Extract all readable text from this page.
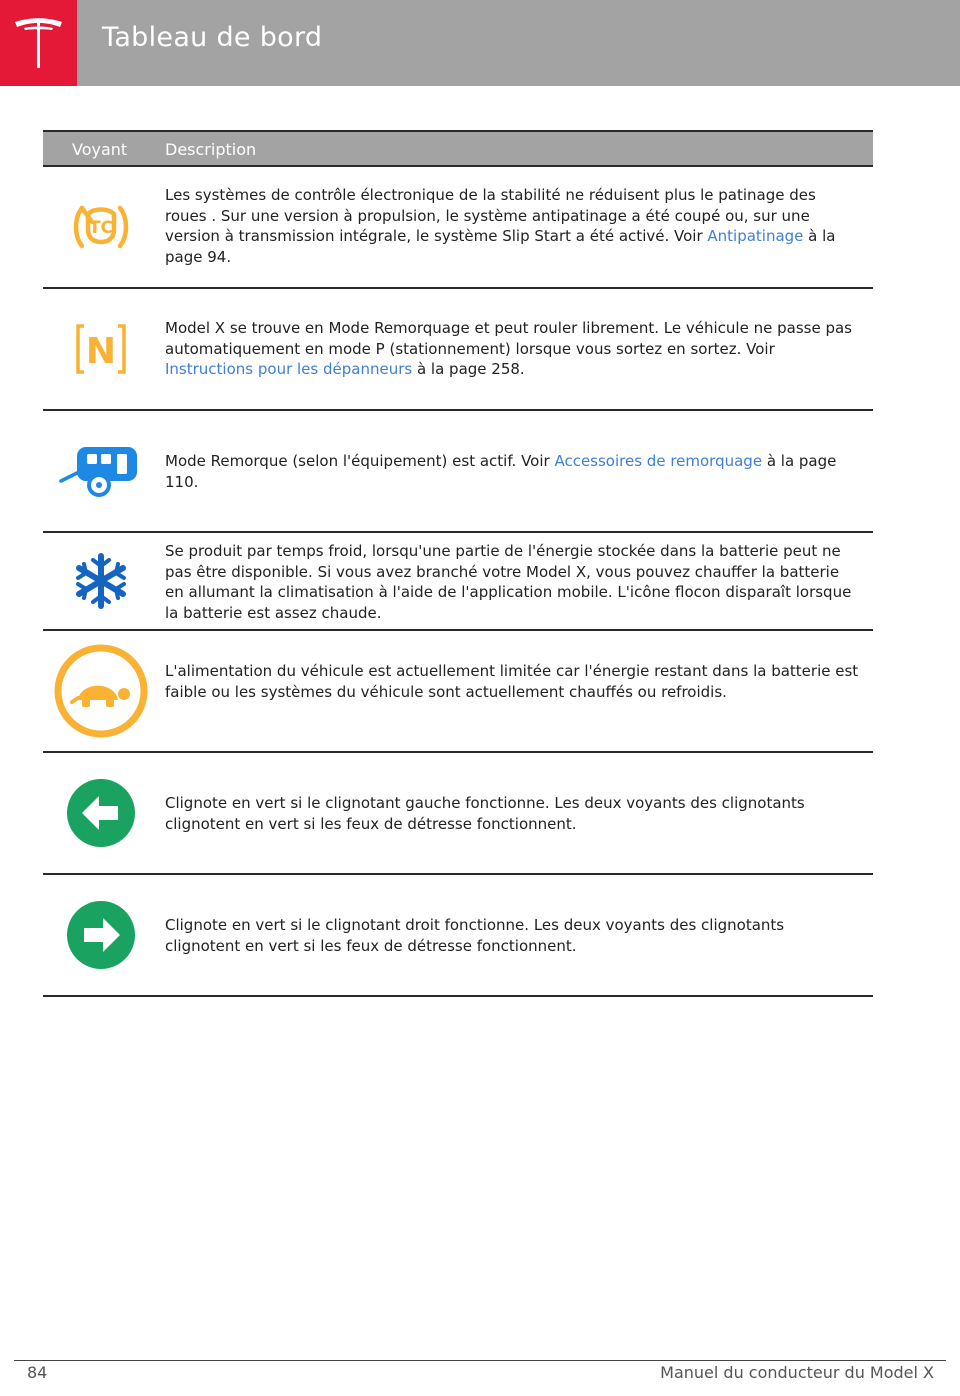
Tableau de bord
Voyant Description
TC
Les systèmes de contrôle électronique de la stabilité ne réduisent plus le patinage des roues . Sur une version à propulsion, le système antipatinage a été coupé ou, sur une version à transmission intégrale, le système Slip Start a été activé. Voir Antipatinage à la page 94.
N
Model X se trouve en Mode Remorquage et peut rouler librement. Le véhicule ne passe pas automatiquement en mode P (stationnement) lorsque vous sortez en sortez. Voir Instructions pour les dépanneurs à la page 258.
Mode Remorque (selon l'équipement) est actif. Voir Accessoires de remorquage à la page 110.
Se produit par temps froid, lorsqu'une partie de l'énergie stockée dans la batterie peut ne pas être disponible. Si vous avez branché votre Model X, vous pouvez chauffer la batterie en allumant la climatisation à l'aide de l'application mobile. L'icône flocon disparaît lorsque la batterie est assez chaude.
L'alimentation du véhicule est actuellement limitée car l'énergie restant dans la batterie est faible ou les systèmes du véhicule sont actuellement chauffés ou refroidis.
Clignote en vert si le clignotant gauche fonctionne. Les deux voyants des clignotants clignotent en vert si les feux de détresse fonctionnent.
Clignote en vert si le clignotant droit fonctionne. Les deux voyants des clignotants clignotent en vert si les feux de détresse fonctionnent.
84	Manuel du conducteur du Model X
